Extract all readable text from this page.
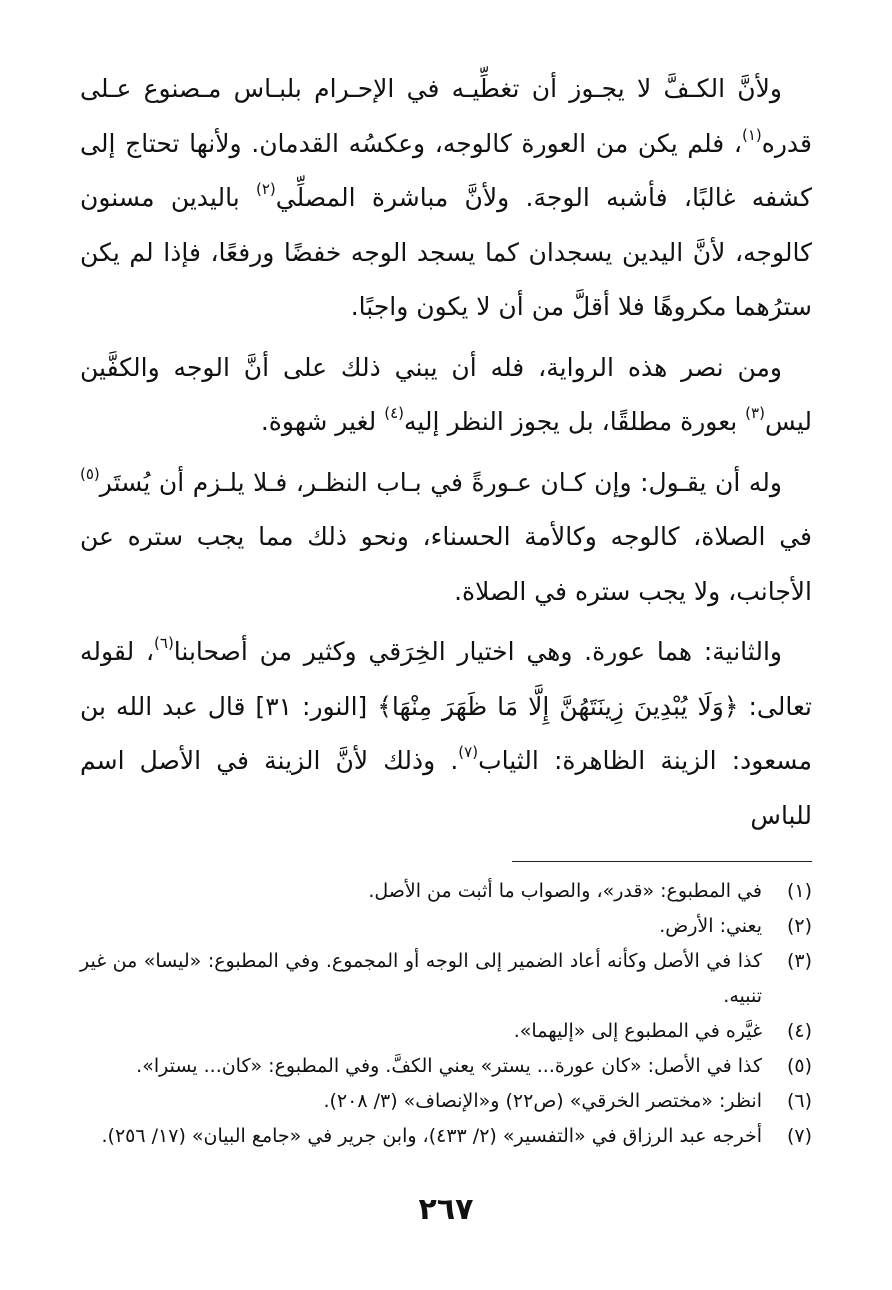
ولأنَّ الكـفَّ لا يجـوز أن تغطِّيـه في الإحـرام بلبـاس مـصنوع عـلى قدره$^{(١)}$، فلم يكن من العورة كالوجه، وعكسُه القدمان. ولأنها تحتاج إلى كشفه غالبًا، فأشبه الوجهَ. ولأنَّ مباشرة المصلِّي$^{(٢)}$ باليدين مسنون كالوجه، لأنَّ اليدين يسجدان كما يسجد الوجه خفضًا ورفعًا، فإذا لم يكن سترُهما مكروهًا فلا أقلَّ من أن لا يكون واجبًا.

ومن نصر هذه الرواية، فله أن يبني ذلك على أنَّ الوجه والكفَّين ليس$^{(٣)}$ بعورة مطلقًا، بل يجوز النظر إليه$^{(٤)}$ لغير شهوة.

وله أن يقـول: وإن كـان عـورةً في بـاب النظـر، فـلا يلـزم أن يُستَر$^{(٥)}$ في الصلاة، كالوجه وكالأمة الحسناء، ونحو ذلك مما يجب ستره عن الأجانب، ولا يجب ستره في الصلاة.

والثانية: هما عورة. وهي اختيار الخِرَقي وكثير من أصحابنا$^{(٦)}$، لقوله تعالى: ﴿وَلَا يُبْدِينَ زِينَتَهُنَّ إِلَّا مَا ظَهَرَ مِنْهَا﴾ [النور: ٣١] قال عبد الله بن مسعود: الزينة الظاهرة: الثياب$^{(٧)}$. وذلك لأنَّ الزينة في الأصل اسم للباس

(١)
في المطبوع: «قدر»، والصواب ما أثبت من الأصل.
(٢)
يعني: الأرض.
(٣)
كذا في الأصل وكأنه أعاد الضمير إلى الوجه أو المجموع. وفي المطبوع: «ليسا» من غير تنبيه.
(٤)
غيَّره في المطبوع إلى «إليهما».
(٥)
كذا في الأصل: «كان عورة... يستر» يعني الكفَّ. وفي المطبوع: «كان... يسترا».
(٦)
انظر: «مختصر الخرقي» (ص٢٢) و«الإنصاف» (٣/ ٢٠٨).
(٧)
أخرجه عبد الرزاق في «التفسير» (٢/ ٤٣٣)، وابن جرير في «جامع البيان» (١٧/ ٢٥٦).
٢٦٧
